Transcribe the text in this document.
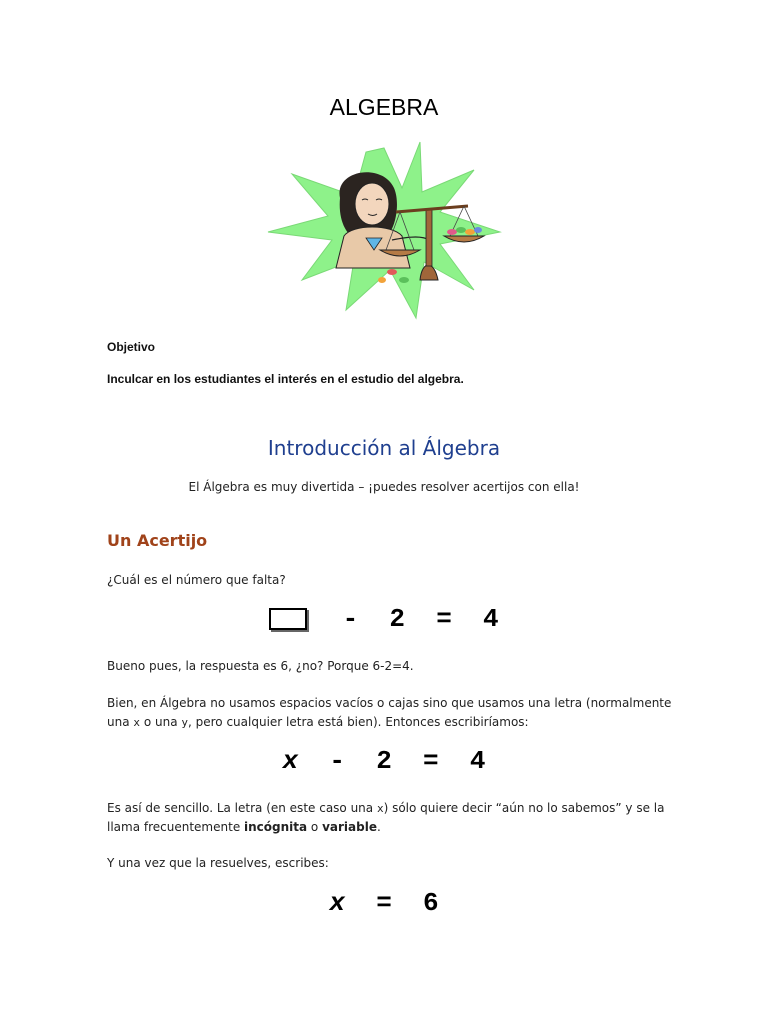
ALGEBRA
Objetivo
Inculcar en los estudiantes el interés en el estudio del algebra.
Introducción al Álgebra
El Álgebra es muy divertida – ¡puedes resolver acertijos con ella!
Un Acertijo
¿Cuál es el número que falta?
- 2 = 4
Bueno pues, la respuesta es 6, ¿no? Porque 6-2=4.
Bien, en Álgebra no usamos espacios vacíos o cajas sino que usamos una letra (normalmente una x o una y, pero cualquier letra está bien). Entonces escribiríamos:
x - 2 = 4
Es así de sencillo. La letra (en este caso una x) sólo quiere decir “aún no lo sabemos” y se la llama frecuentemente incógnita o variable.
Y una vez que la resuelves, escribes:
x = 6
